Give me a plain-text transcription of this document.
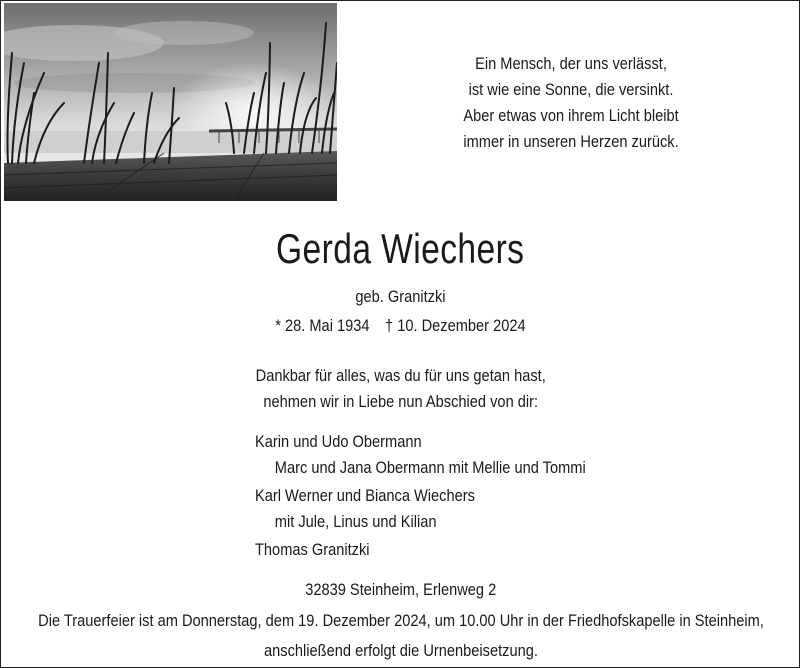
Ein Mensch, der uns verlässt,
ist wie eine Sonne, die versinkt.
Aber etwas von ihrem Licht bleibt
immer in unseren Herzen zurück.
Gerda Wiechers
geb. Granitzki
* 28. Mai 1934 † 10. Dezember 2024
Dankbar für alles, was du für uns getan hast,
nehmen wir in Liebe nun Abschied von dir:
Karin und Udo Obermann
Marc und Jana Obermann mit Mellie und Tommi
Karl Werner und Bianca Wiechers
mit Jule, Linus und Kilian
Thomas Granitzki
32839 Steinheim, Erlenweg 2
Die Trauerfeier ist am Donnerstag, dem 19. Dezember 2024, um 10.00 Uhr in der Friedhofskapelle in Steinheim,
anschließend erfolgt die Urnenbeisetzung.
